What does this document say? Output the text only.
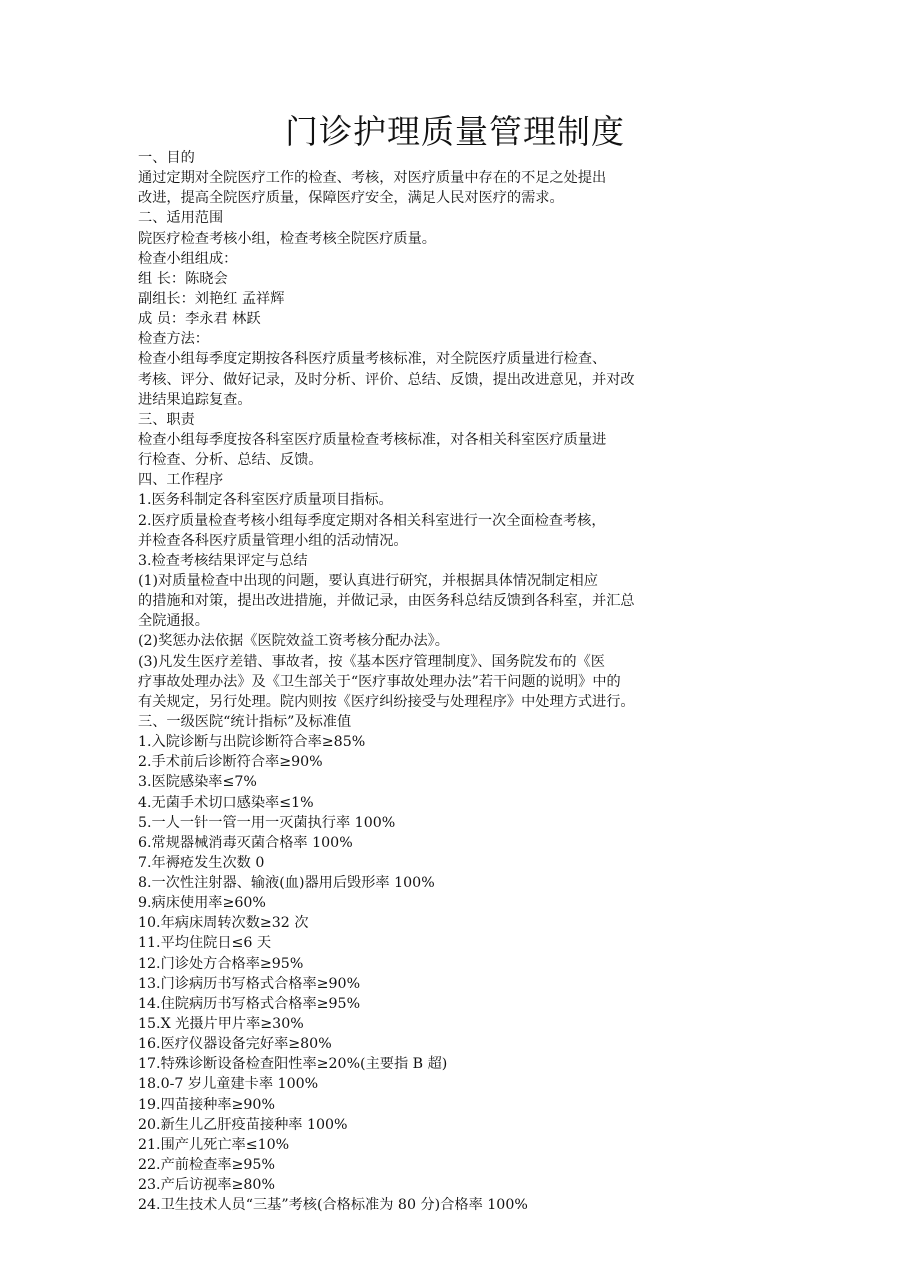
门诊护理质量管理制度
一、目的
通过定期对全院医疗工作的检查、考核，对医疗质量中存在的不足之处提出
改进，提高全院医疗质量，保障医疗安全，满足人民对医疗的需求。
二、适用范围
院医疗检查考核小组，检查考核全院医疗质量。
检查小组组成：
组 长：陈晓会
副组长：刘艳红 孟祥辉
成 员：李永君 林跃
检查方法：
检查小组每季度定期按各科医疗质量考核标准，对全院医疗质量进行检查、
考核、评分、做好记录，及时分析、评价、总结、反馈，提出改进意见，并对改
进结果追踪复查。
三、职责
检查小组每季度按各科室医疗质量检查考核标准，对各相关科室医疗质量进
行检查、分析、总结、反馈。
四、工作程序
1.医务科制定各科室医疗质量项目指标。
2.医疗质量检查考核小组每季度定期对各相关科室进行一次全面检查考核，
并检查各科医疗质量管理小组的活动情况。
3.检查考核结果评定与总结
(1)对质量检查中出现的问题，要认真进行研究，并根据具体情况制定相应
的措施和对策，提出改进措施，并做记录，由医务科总结反馈到各科室，并汇总
全院通报。
(2)奖惩办法依据《医院效益工资考核分配办法》。
(3)凡发生医疗差错、事故者，按《基本医疗管理制度》、国务院发布的《医
疗事故处理办法》及《卫生部关于“医疗事故处理办法”若干问题的说明》中的
有关规定，另行处理。院内则按《医疗纠纷接受与处理程序》中处理方式进行。
三、一级医院“统计指标”及标准值
1.入院诊断与出院诊断符合率≥85%
2.手术前后诊断符合率≥90%
3.医院感染率≤7%
4.无菌手术切口感染率≤1%
5.一人一针一管一用一灭菌执行率 100%
6.常规器械消毒灭菌合格率 100%
7.年褥疮发生次数 0
8.一次性注射器、输液(血)器用后毁形率 100%
9.病床使用率≥60%
10.年病床周转次数≥32 次
11.平均住院日≤6 天
12.门诊处方合格率≥95%
13.门诊病历书写格式合格率≥90%
14.住院病历书写格式合格率≥95%
15.X 光摄片甲片率≥30%
16.医疗仪器设备完好率≥80%
17.特殊诊断设备检查阳性率≥20%(主要指 B 超)
18.0-7 岁儿童建卡率 100%
19.四苗接种率≥90%
20.新生儿乙肝疫苗接种率 100%
21.围产儿死亡率≤10%
22.产前检查率≥95%
23.产后访视率≥80%
24.卫生技术人员“三基”考核(合格标准为 80 分)合格率 100%
